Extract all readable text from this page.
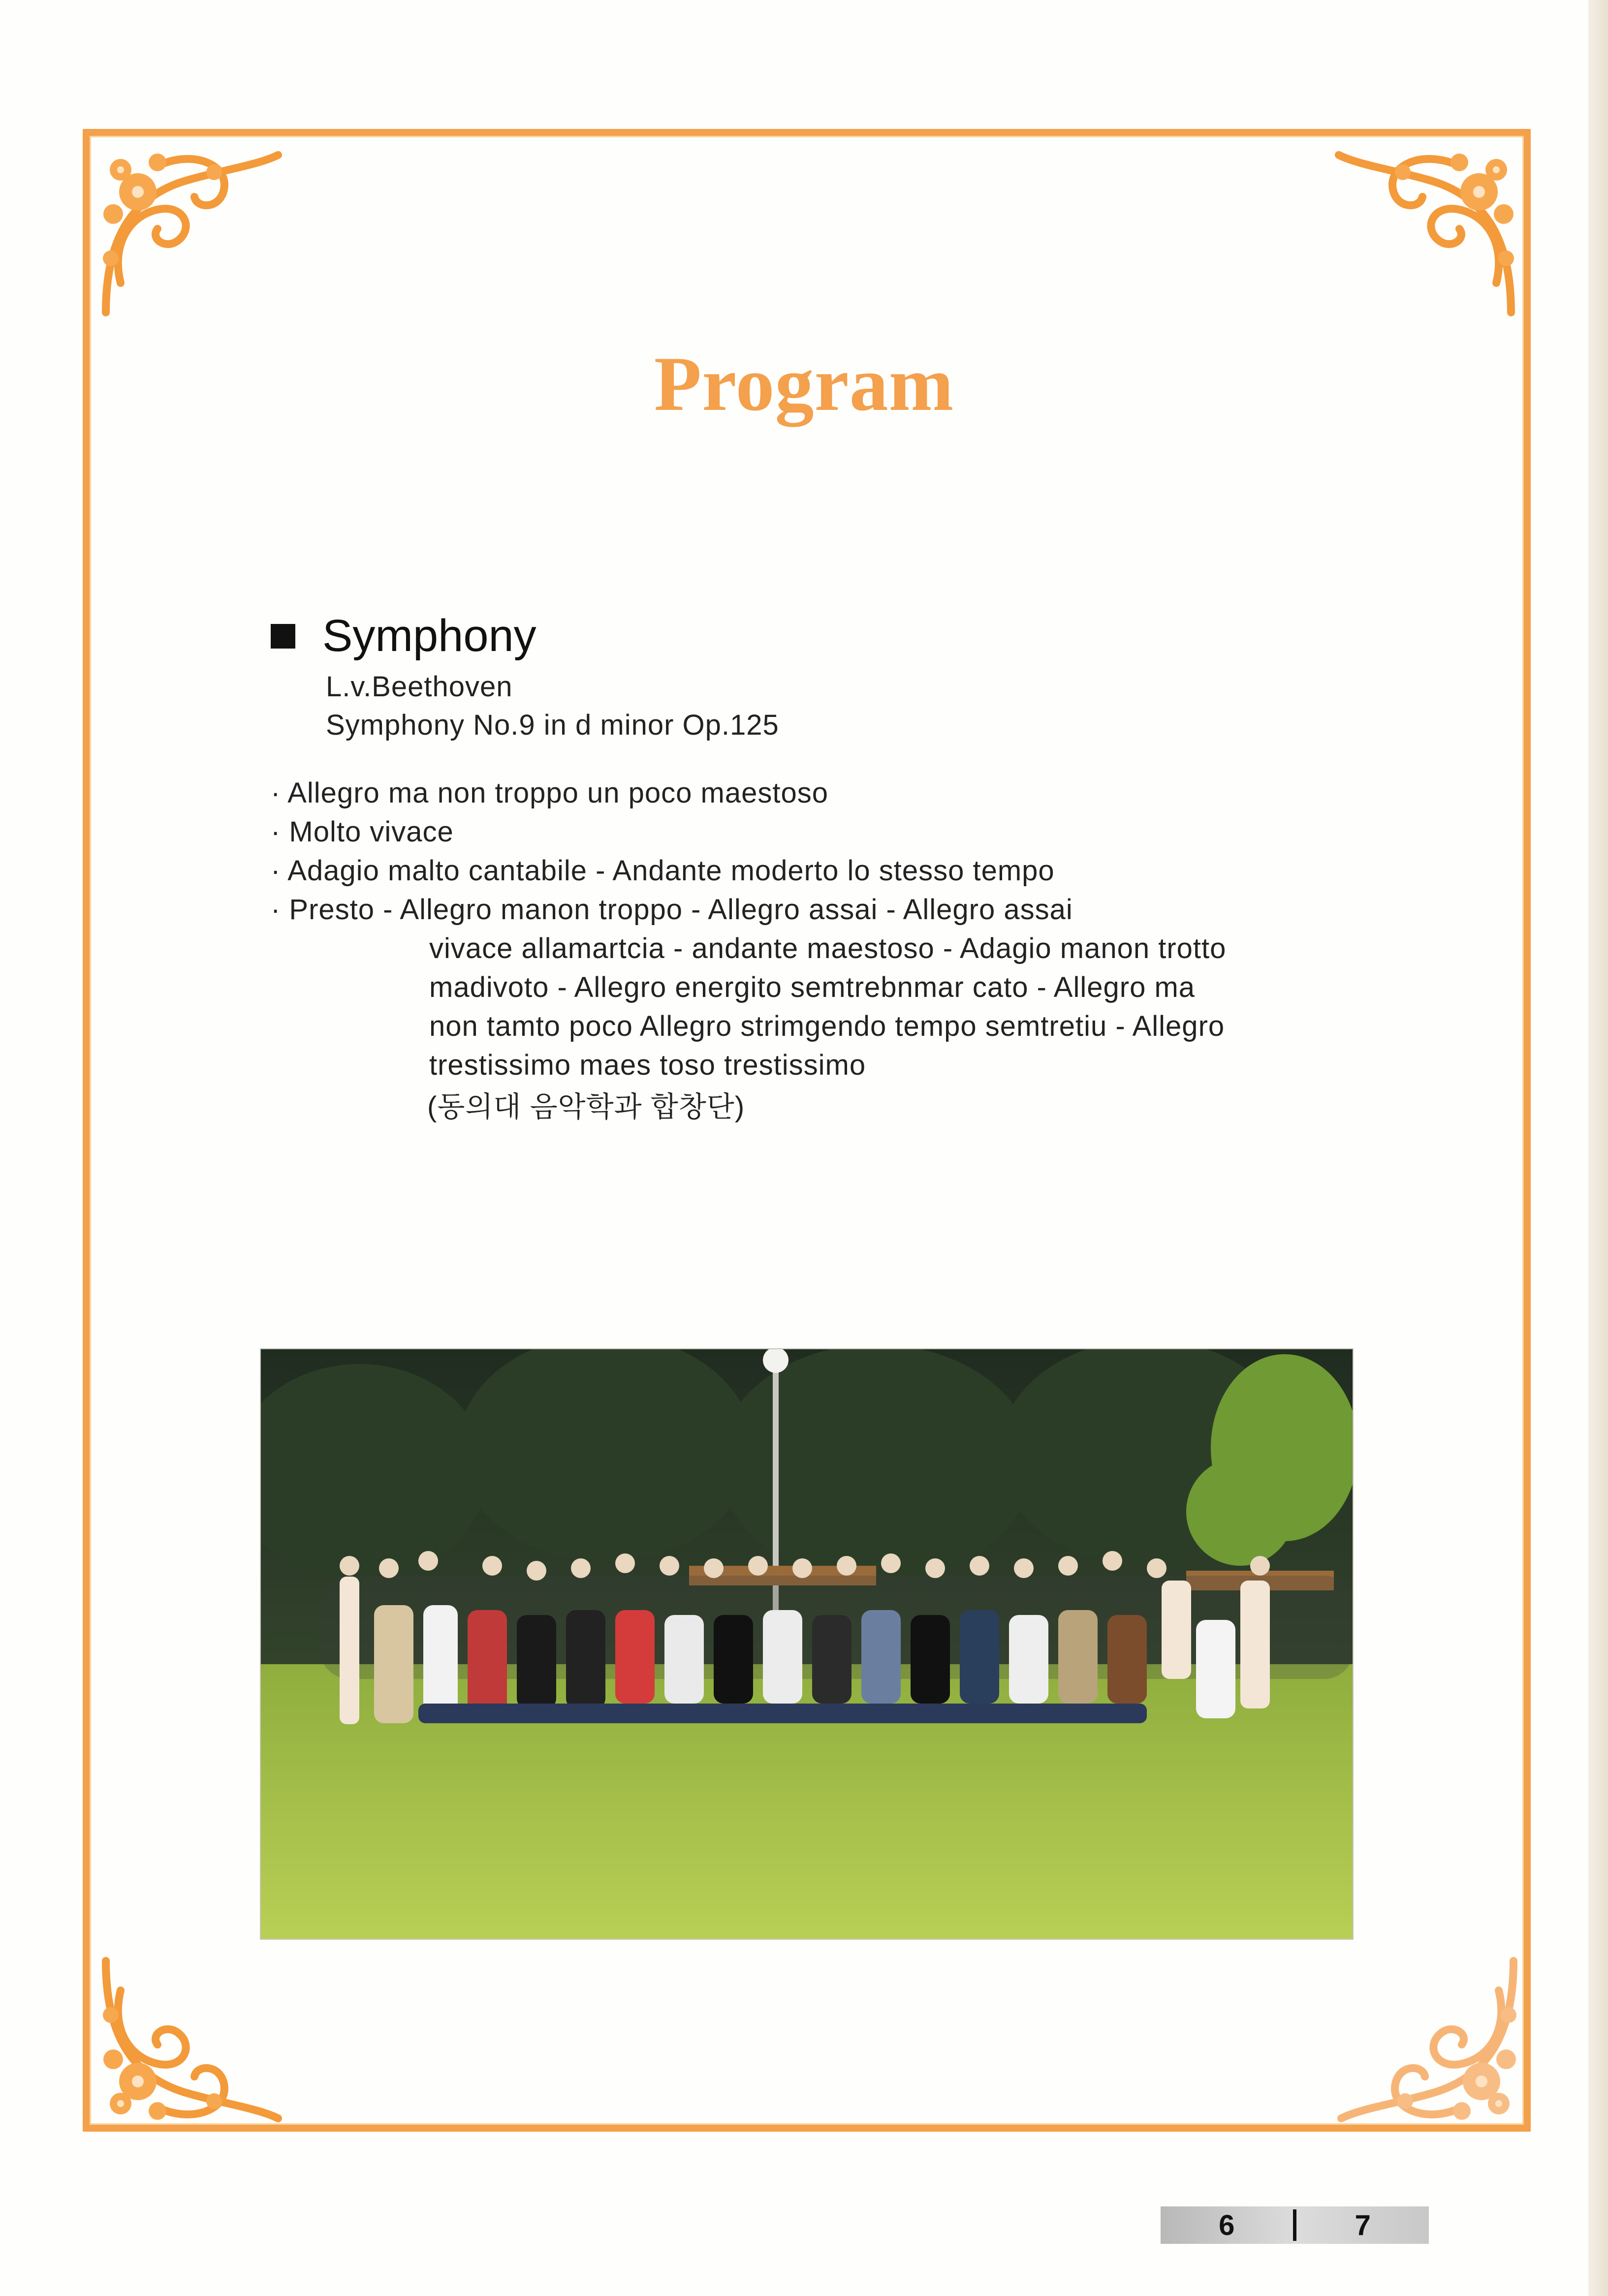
Program
Symphony
L.v.Beethoven
Symphony No.9 in d minor Op.125
· Allegro ma non troppo un poco maestoso
· Molto vivace
· Adagio malto cantabile - Andante moderto lo stesso tempo
· Presto - Allegro manon troppo - Allegro assai - Allegro assai
vivace allamartcia - andante maestoso - Adagio manon trotto
madivoto - Allegro energito semtrebnmar cato - Allegro ma
non tamto poco Allegro strimgendo tempo semtretiu - Allegro
trestissimo maes toso trestissimo
(동의대 음악학과 합창단)
6	7
